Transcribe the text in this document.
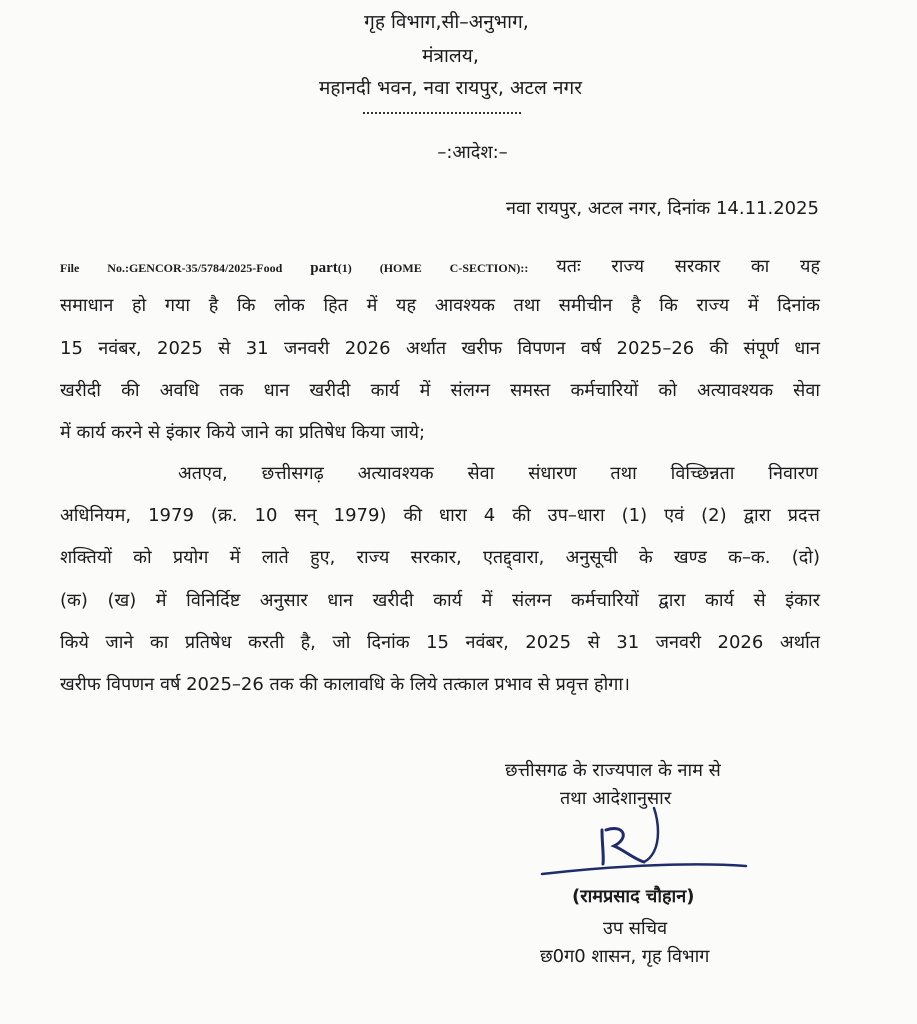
गृह विभाग,सी–अनुभाग,
मंत्रालय,
महानदी भवन, नवा रायपुर, अटल नगर
–:आदेश:–
नवा रायपुर, अटल नगर, दिनांक 14.11.2025
File No.:GENCOR-35/5784/2025-Food part(1) (HOME C-SECTION):: यतः राज्य सरकार का यह
समाधान हो गया है कि लोक हित में यह आवश्यक तथा समीचीन है कि राज्य में दिनांक
15 नवंबर, 2025 से 31 जनवरी 2026 अर्थात खरीफ विपणन वर्ष 2025–26 की संपूर्ण धान
खरीदी की अवधि तक धान खरीदी कार्य में संलग्न समस्त कर्मचारियों को अत्यावश्यक सेवा
में कार्य करने से इंकार किये जाने का प्रतिषेध किया जाये;
अतएव, छत्तीसगढ़ अत्यावश्यक सेवा संधारण तथा विच्छिन्नता निवारण
अधिनियम, 1979 (क्र. 10 सन् 1979) की धारा 4 की उप–धारा (1) एवं (2) द्वारा प्रदत्त
शक्तियों को प्रयोग में लाते हुए, राज्य सरकार, एतद्द्वारा, अनुसूची के खण्ड क–क. (दो)
(क) (ख) में विनिर्दिष्ट अनुसार धान खरीदी कार्य में संलग्न कर्मचारियों द्वारा कार्य से इंकार
किये जाने का प्रतिषेध करती है, जो दिनांक 15 नवंबर, 2025 से 31 जनवरी 2026 अर्थात
खरीफ विपणन वर्ष 2025–26 तक की कालावधि के लिये तत्काल प्रभाव से प्रवृत्त होगा।
छत्तीसगढ के राज्यपाल के नाम से
तथा आदेशानुसार
(रामप्रसाद चौहान)
उप सचिव
छ0ग0 शासन, गृह विभाग
